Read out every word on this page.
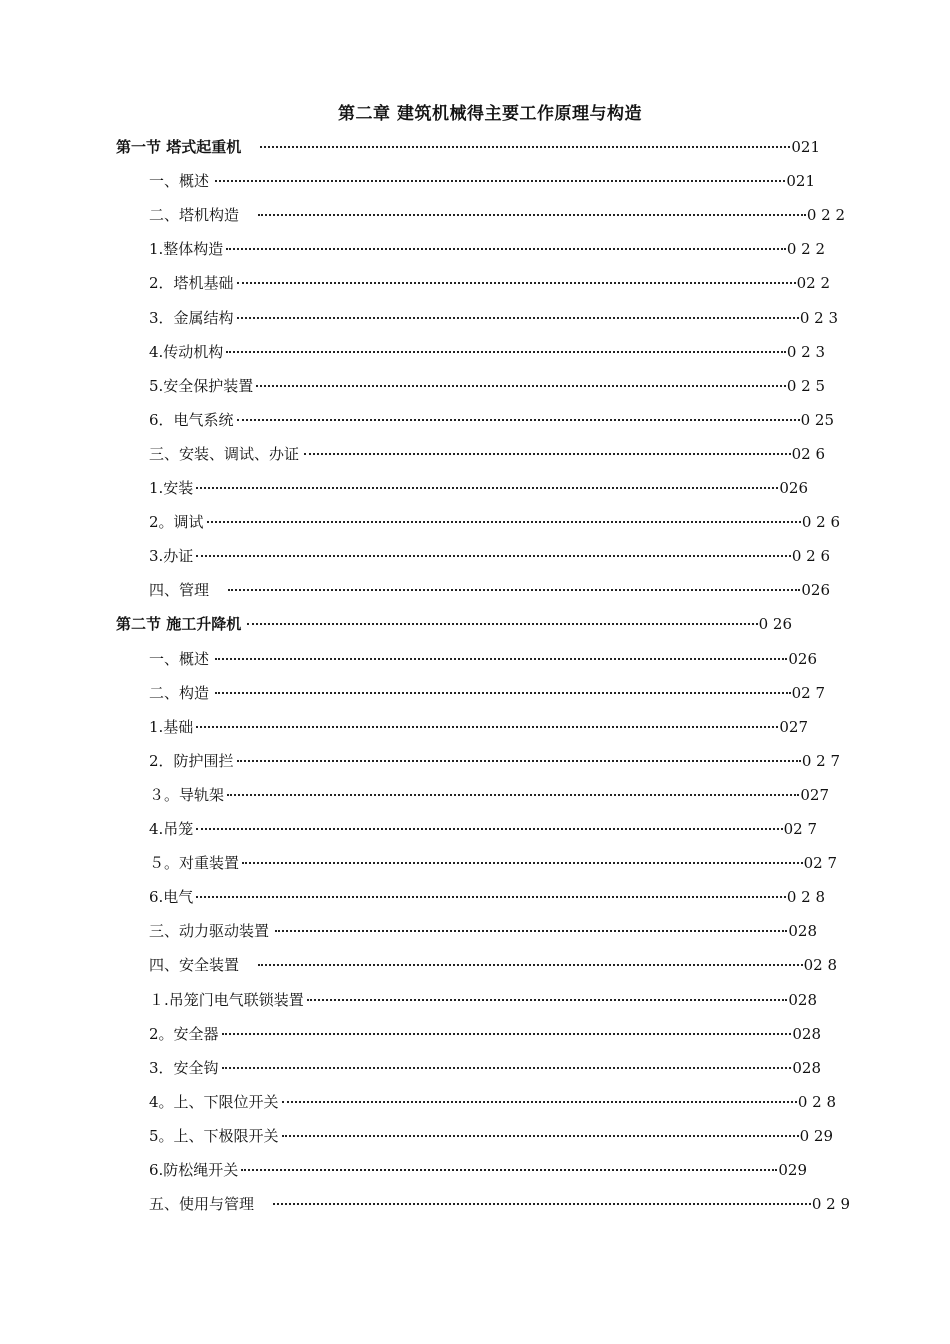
第二章 建筑机械得主要工作原理与构造
第一节 塔式起重机	021
一、概述	021
二、塔机构造	0 2 2
1.整体构造	0 2 2
2．塔机基础	02 2
3．金属结构	0 2 3
4.传动机构	0 2 3
5.安全保护装置	0 2 5
6．电气系统	0 25
三、安装、调试、办证	02 6
1.安装	026
2。调试	0 2 6
3.办证	0 2 6
四、管理	026
第二节 施工升降机	0 26
一、概述	026
二、构造	02 7
1.基础	027
2．防护围拦	0 2 7
３。导轨架	027
4.吊笼	02 7
５。对重装置	02 7
6.电气	0 2 8
三、动力驱动装置	028
四、安全装置	02 8
１.吊笼门电气联锁装置	028
2。安全器	028
3．安全钩	028
4。上、下限位开关	0 2 8
5。上、下极限开关	0 29
6.防松绳开关	029
五、使用与管理	0 2 9
